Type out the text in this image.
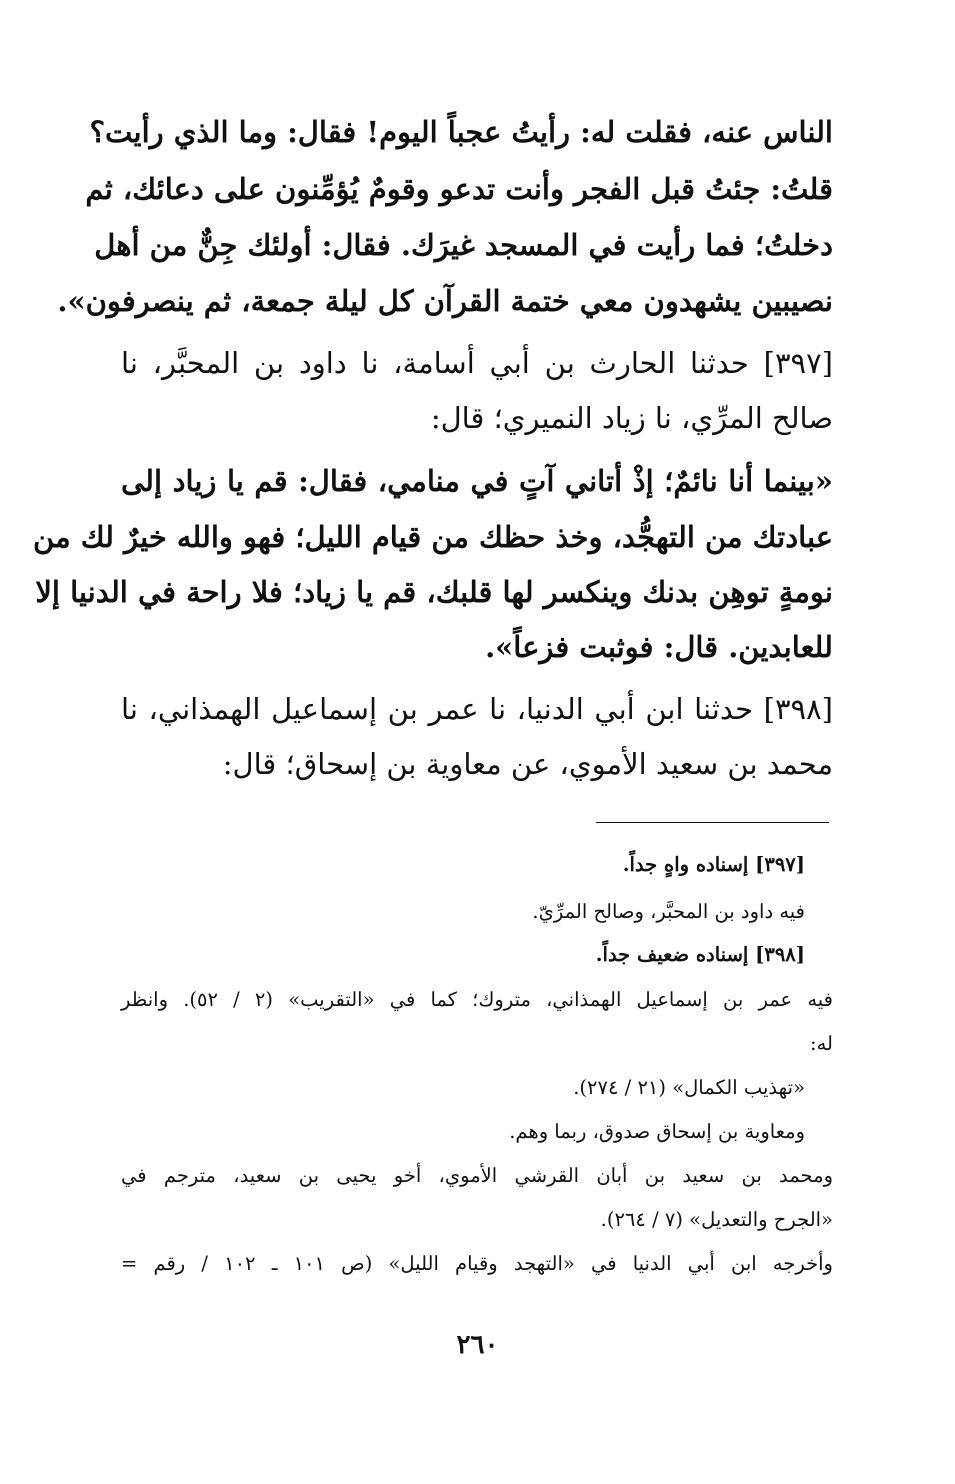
الناس عنه، فقلت له: رأيتُ عجباً اليوم! فقال: وما الذي رأيت؟
قلتُ: جئتُ قبل الفجر وأنت تدعو وقومٌ يُؤمِّنون على دعائك، ثم
دخلتُ؛ فما رأيت في المسجد غيرَك. فقال: أولئك جِنٌّ من أهل
نصيبين يشهدون معي ختمة القرآن كل ليلة جمعة، ثم ينصرفون».
[٣٩٧] حدثنا الحارث بن أبي أسامة، نا داود بن المحبَّر، نا
صالح المرِّي، نا زياد النميري؛ قال:
«بينما أنا نائمٌ؛ إذْ أتاني آتٍ في منامي، فقال: قم يا زياد إلى
عبادتك من التهجُّد، وخذ حظك من قيام الليل؛ فهو والله خيرٌ لك من
نومةٍ توهِن بدنك وينكسر لها قلبك، قم يا زياد؛ فلا راحة في الدنيا إلا
للعابدين. قال: فوثبت فزعاً».
[٣٩٨] حدثنا ابن أبي الدنيا، نا عمر بن إسماعيل الهمذاني، نا
محمد بن سعيد الأموي، عن معاوية بن إسحاق؛ قال:
[٣٩٧] إسناده واهٍ جداً.
فيه داود بن المحبَّر، وصالح المرِّيّ.
[٣٩٨] إسناده ضعيف جداً.
فيه عمر بن إسماعيل الهمذاني، متروك؛ كما في «التقريب» (٢ / ٥٢). وانظر
له:
«تهذيب الكمال» (٢١ / ٢٧٤).
ومعاوية بن إسحاق صدوق، ربما وهم.
ومحمد بن سعيد بن أبان القرشي الأموي، أخو يحيى بن سعيد، مترجم في
«الجرح والتعديل» (٧ / ٢٦٤).
وأخرجه ابن أبي الدنيا في «التهجد وقيام الليل» (ص ١٠١ ـ ١٠٢ / رقم =
٢٦٠
